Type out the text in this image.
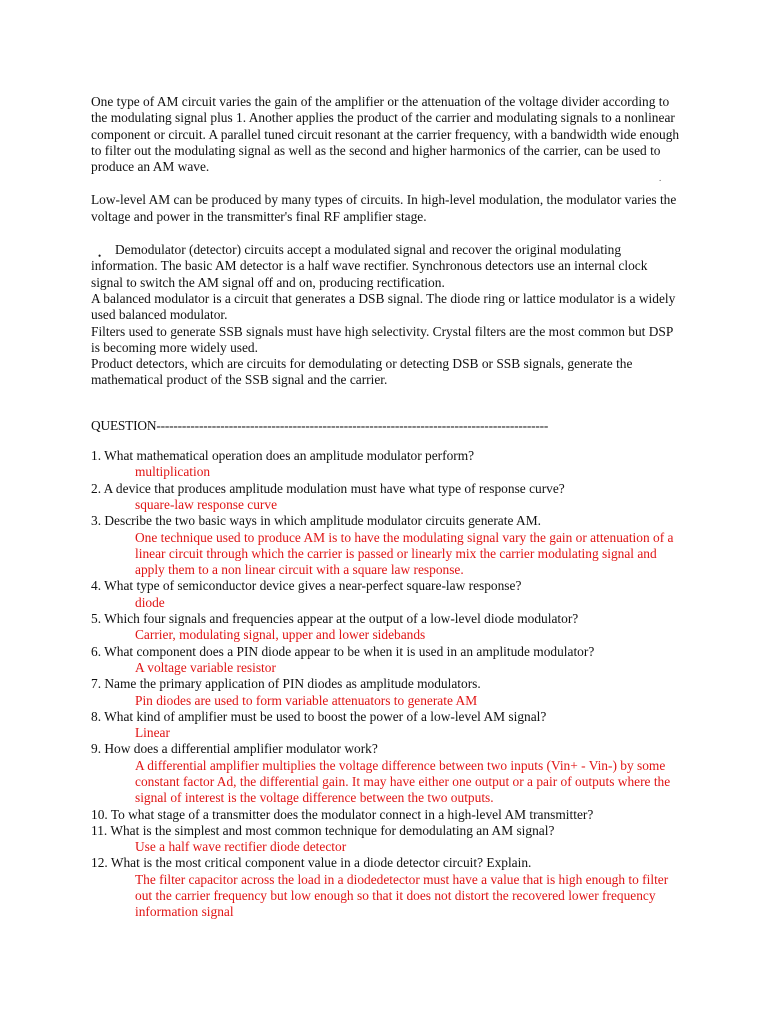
One type of AM circuit varies the gain of the amplifier or the attenuation of the voltage divider according to the modulating signal plus 1. Another applies the product of the carrier and modulating signals to a nonlinear component or circuit. A parallel tuned circuit resonant at the carrier frequency, with a bandwidth wide enough to filter out the modulating signal as well as the second and higher harmonics of the carrier, can be used to produce an AM wave.

Low-level AM can be produced by many types of circuits. In high-level modulation, the modulator varies the voltage and power in the transmitter's final RF amplifier stage.

• Demodulator (detector) circuits accept a modulated signal and recover the original modulating information. The basic AM detector is a half wave rectifier. Synchronous detectors use an internal clock signal to switch the AM signal off and on, producing rectification.

A balanced modulator is a circuit that generates a DSB signal. The diode ring or lattice modulator is a widely used balanced modulator.

Filters used to generate SSB signals must have high selectivity. Crystal filters are the most common but DSP is becoming more widely used.

Product detectors, which are circuits for demodulating or detecting DSB or SSB signals, generate the mathematical product of the SSB signal and the carrier.

QUESTION--------------------------------------------------------------------------------------------

1. What mathematical operation does an amplitude modulator perform?

multiplication

2. A device that produces amplitude modulation must have what type of response curve?

square-law response curve

3. Describe the two basic ways in which amplitude modulator circuits generate AM.

One technique used to produce AM is to have the modulating signal vary the gain or attenuation of a linear circuit through which the carrier is passed or linearly mix the carrier modulating signal and apply them to a non linear circuit with a square law response.

4. What type of semiconductor device gives a near-perfect square-law response?

diode

5. Which four signals and frequencies appear at the output of a low-level diode modulator?

Carrier, modulating signal, upper and lower sidebands

6. What component does a PIN diode appear to be when it is used in an amplitude modulator?

A voltage variable resistor

7. Name the primary application of PIN diodes as amplitude modulators.

Pin diodes are used to form variable attenuators to generate AM

8. What kind of amplifier must be used to boost the power of a low-level AM signal?

Linear

9. How does a differential amplifier modulator work?

A differential amplifier multiplies the voltage difference between two inputs (Vin+ - Vin-) by some constant factor Ad, the differential gain. It may have either one output or a pair of outputs where the signal of interest is the voltage difference between the two outputs.

10. To what stage of a transmitter does the modulator connect in a high-level AM transmitter?

11. What is the simplest and most common technique for demodulating an AM signal?

Use a half wave rectifier diode detector

12. What is the most critical component value in a diode detector circuit? Explain.

The filter capacitor across the load in a diodedetector must have a value that is high enough to filter out the carrier frequency but low enough so that it does not distort the recovered lower frequency information signal

.
